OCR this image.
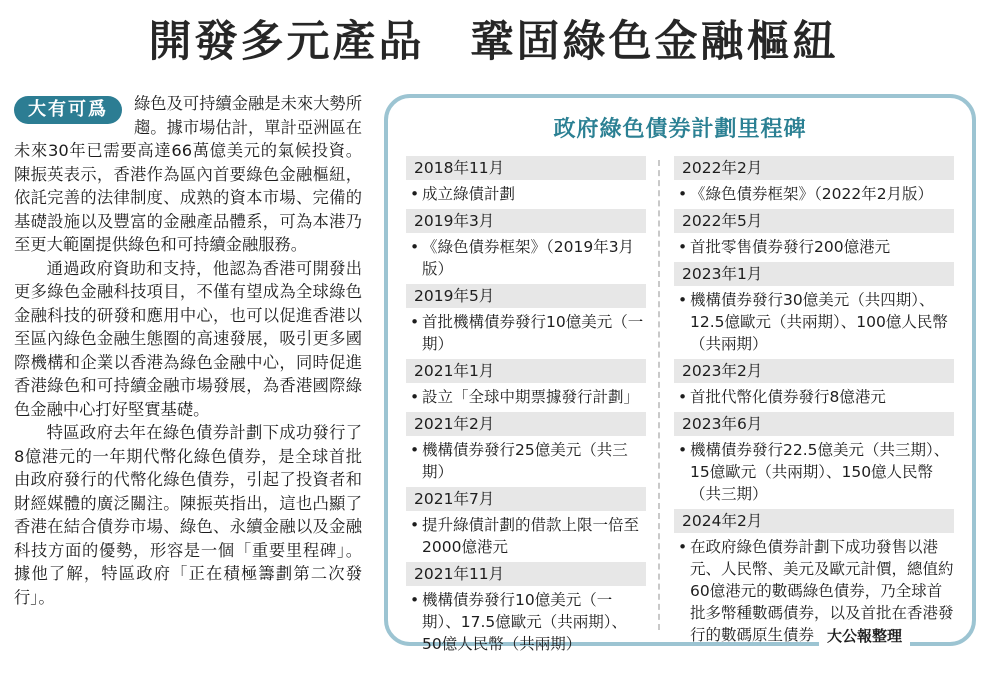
開發多元產品　鞏固綠色金融樞紐

大有可爲	綠色及可持續金融是未來大勢所趨。據市場估計，單計亞洲區在未來30年已需要高達66萬億美元的氣候投資。陳振英表示，香港作為區內首要綠色金融樞紐，依託完善的法律制度、成熟的資本市場、完備的基礎設施以及豐富的金融產品體系，可為本港乃至更大範圍提供綠色和可持續金融服務。

通過政府資助和支持，他認為香港可開發出更多綠色金融科技項目，不僅有望成為全球綠色金融科技的研發和應用中心，也可以促進香港以至區內綠色金融生態圈的高速發展，吸引更多國際機構和企業以香港為綠色金融中心，同時促進香港綠色和可持續金融市場發展，為香港國際綠色金融中心打好堅實基礎。

特區政府去年在綠色債券計劃下成功發行了8億港元的一年期代幣化綠色債券，是全球首批由政府發行的代幣化綠色債券，引起了投資者和財經媒體的廣泛關注。陳振英指出，這也凸顯了香港在結合債券市場、綠色、永續金融以及金融科技方面的優勢，形容是一個「重要里程碑」。據他了解，特區政府「正在積極籌劃第二次發行」。

政府綠色債券計劃里程碑
2018年11月
• 成立綠債計劃
2019年3月
• 《綠色債券框架》（2019年3月版）
2019年5月
• 首批機構債券發行10億美元（一期）
2021年1月
• 設立「全球中期票據發行計劃」
2021年2月
• 機構債券發行25億美元（共三期）
2021年7月
• 提升綠債計劃的借款上限一倍至2000億港元
2021年11月
• 機構債券發行10億美元（一期）、17.5億歐元（共兩期）、50億人民幣（共兩期）
2022年2月
• 《綠色債券框架》（2022年2月版）
2022年5月
• 首批零售債券發行200億港元
2023年1月
• 機構債券發行30億美元（共四期）、12.5億歐元（共兩期）、100億人民幣（共兩期）
2023年2月
• 首批代幣化債券發行8億港元
2023年6月
• 機構債券發行22.5億美元（共三期）、15億歐元（共兩期）、150億人民幣（共三期）
2024年2月
• 在政府綠色債券計劃下成功發售以港元、人民幣、美元及歐元計價，總值約60億港元的數碼綠色債券，乃全球首批多幣種數碼債券，以及首批在香港發行的數碼原生債券 大公報整理
